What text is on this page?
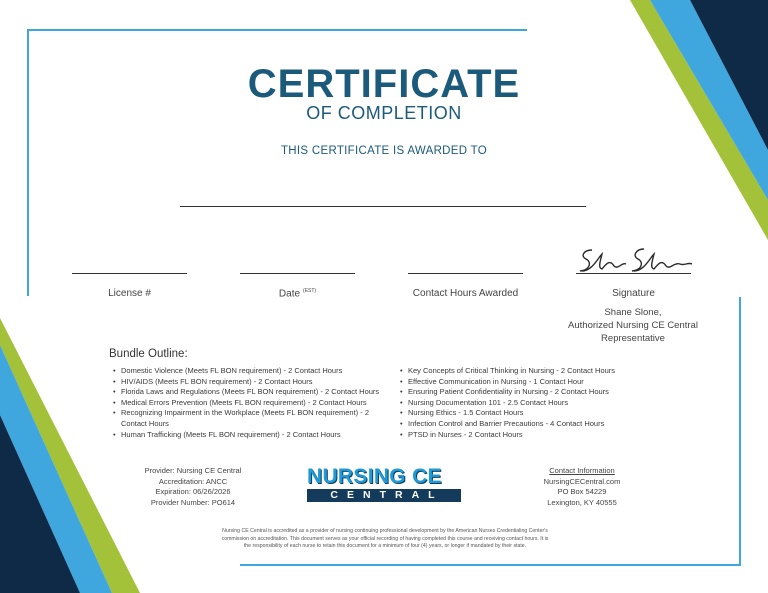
CERTIFICATE
OF COMPLETION
THIS CERTIFICATE IS AWARDED TO
License #	Date $^{(EST)}$	Contact Hours Awarded	Signature
Shane Slone,
Authorized Nursing CE Central
Representative
Bundle Outline:
• Domestic Violence (Meets FL BON requirement) - 2 Contact Hours
• HIV/AIDS (Meets FL BON requirement) - 2 Contact Hours
• Florida Laws and Regulations (Meets FL BON requirement) - 2 Contact Hours
• Medical Errors Prevention (Meets FL BON requirement) - 2 Contact Hours
• Recognizing Impairment in the Workplace (Meets FL BON requirement) - 2 Contact Hours
• Human Trafficking (Meets FL BON requirement) - 2 Contact Hours
• Key Concepts of Critical Thinking in Nursing - 2 Contact Hours
• Effective Communication in Nursing - 1 Contact Hour
• Ensuring Patient Confidentiality in Nursing - 2 Contact Hours
• Nursing Documentation 101 - 2.5 Contact Hours
• Nursing Ethics - 1.5 Contact Hours
• Infection Control and Barrier Precautions - 4 Contact Hours
• PTSD in Nurses - 2 Contact Hours
Provider: Nursing CE Central
Accreditation: ANCC
Expiration: 06/26/2026
Provider Number: PO614
NURSING CE
CENTRAL
Contact Information
NursingCECentral.com
PO Box 54229
Lexington, KY 40555
Nursing CE Central is accredited as a provider of nursing continuing professional development by the American Nurses Credentialing Center's
commission on accreditation. This document serves as your official recording of having completed this course and receiving contact hours. It is
the responsibility of each nurse to retain this document for a minimum of four (4) years, or longer if mandated by their state.
